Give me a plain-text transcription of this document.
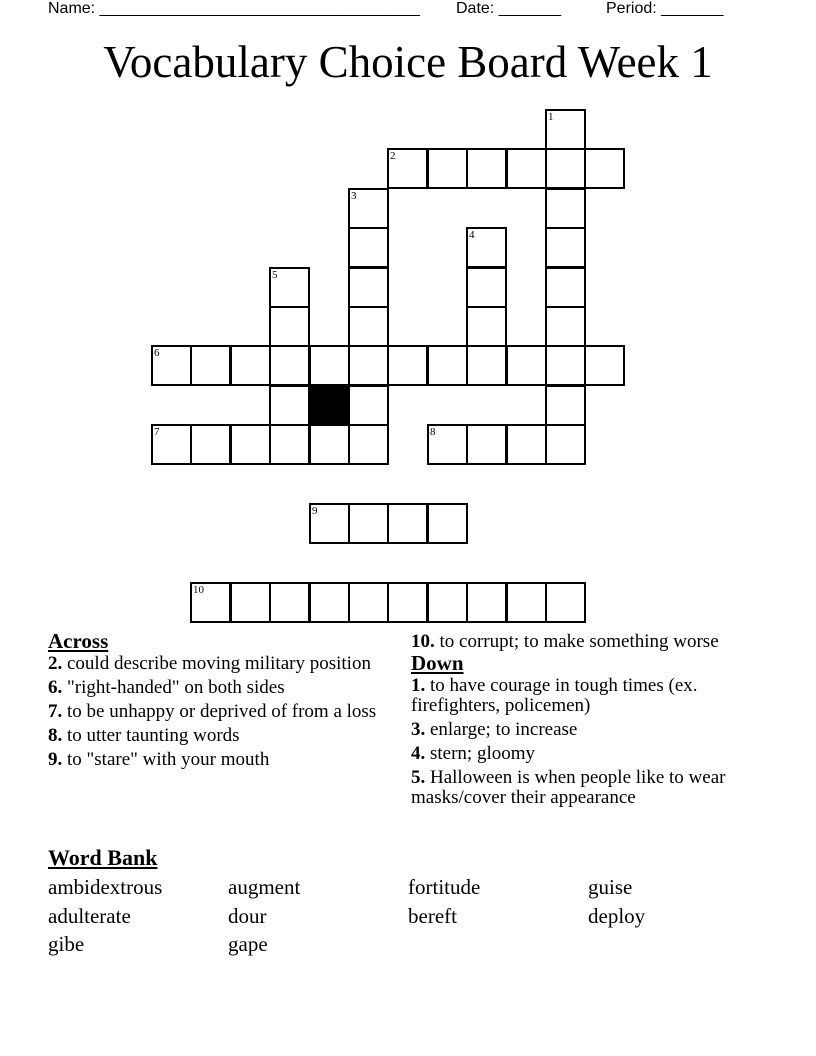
Name: ____________________________________ Date: _______	Period: _______
Vocabulary Choice Board Week 1
1
2
3
4
5
6
7	8
9
10
Across
2. could describe moving military position
6. "right-handed" on both sides
7. to be unhappy or deprived of from a loss
8. to utter taunting words
9. to "stare" with your mouth
10. to corrupt; to make something worse
Down
1. to have courage in tough times (ex. firefighters, policemen)
3. enlarge; to increase
4. stern; gloomy
5. Halloween is when people like to wear masks/cover their appearance
Word Bank
ambidextrous	augment	fortitude	guise
adulterate	dour	bereft	deploy
gibe	gape
